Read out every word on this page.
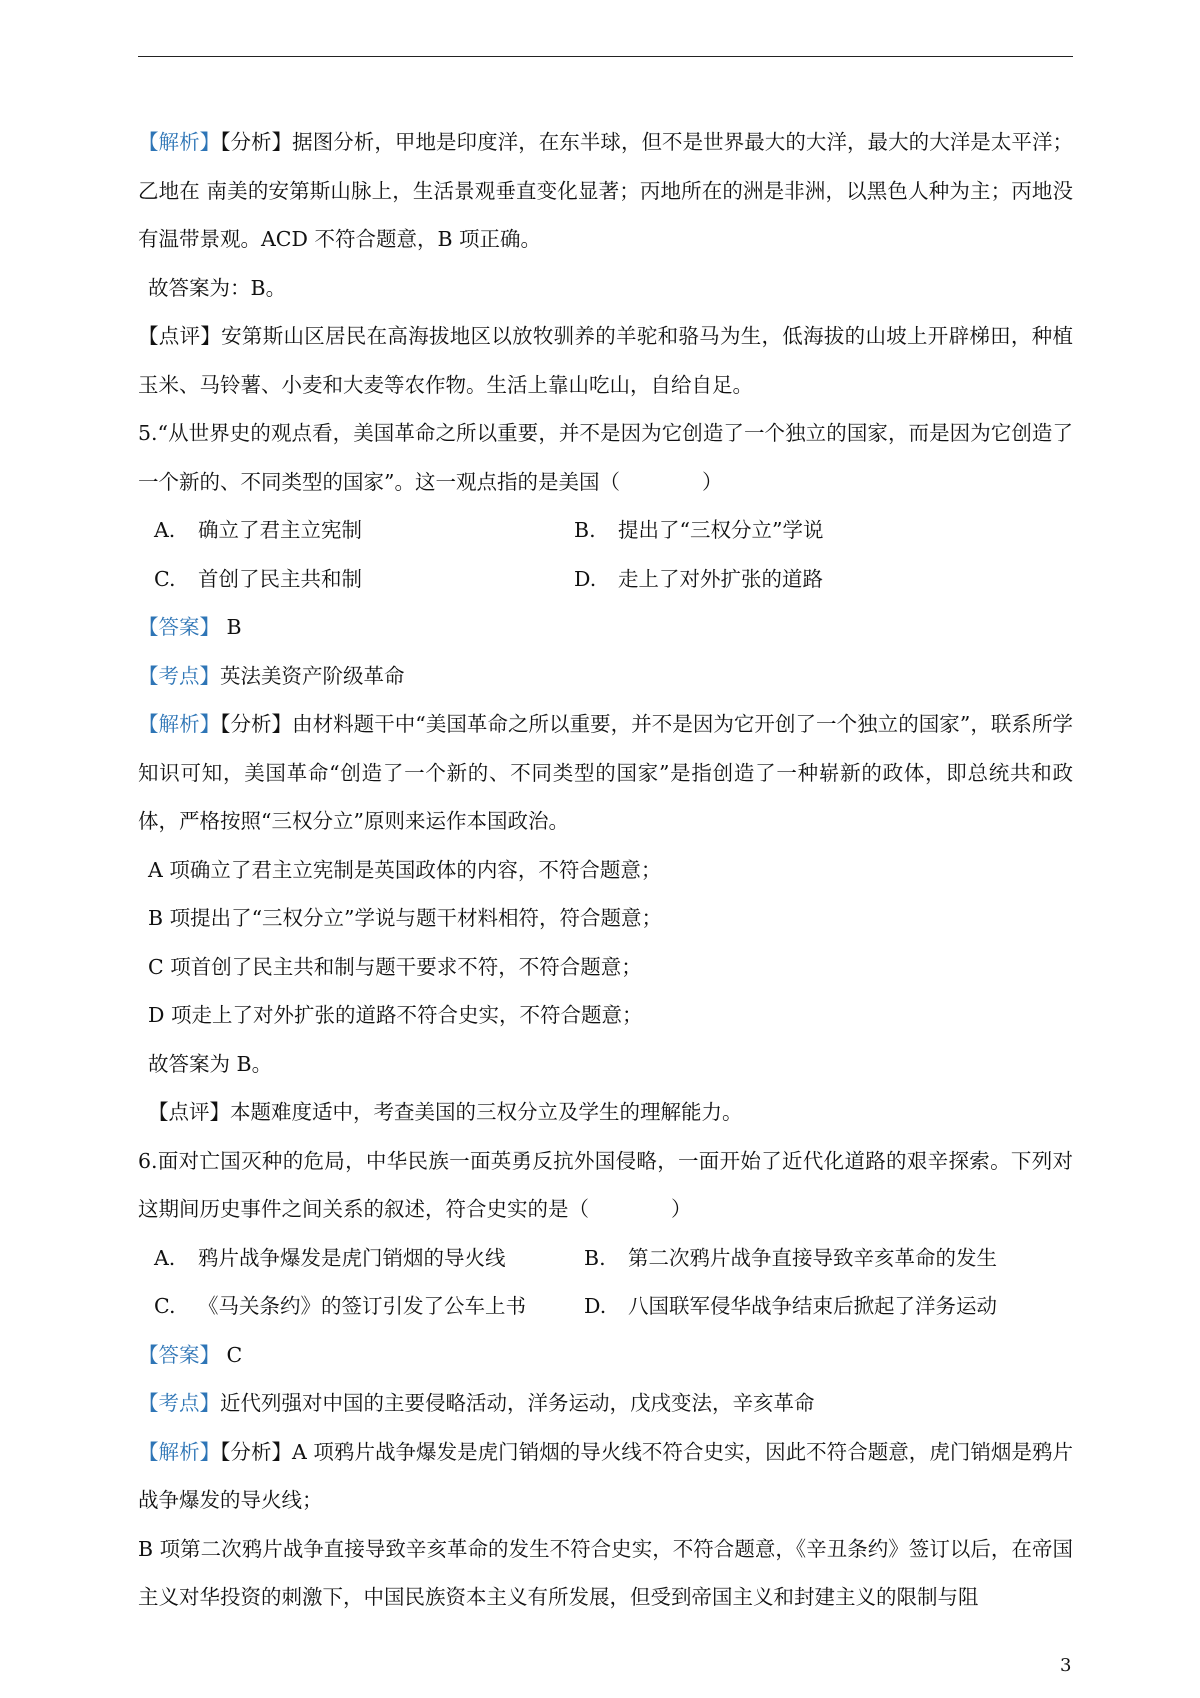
【解析】【分析】据图分析，甲地是印度洋，在东半球，但不是世界最大的大洋，最大的大洋是太平洋；乙地在 南美的安第斯山脉上，生活景观垂直变化显著；丙地所在的洲是非洲，以黑色人种为主；丙地没有温带景观。ACD 不符合题意，B 项正确。

故答案为：B。

【点评】安第斯山区居民在高海拔地区以放牧驯养的羊驼和骆马为生，低海拔的山坡上开辟梯田，种植玉米、马铃薯、小麦和大麦等农作物。生活上靠山吃山，自给自足。

5.“从世界史的观点看，美国革命之所以重要，并不是因为它创造了一个独立的国家，而是因为它创造了一个新的、不同类型的国家”。这一观点指的是美国（　　　　）

A. 确立了君主立宪制	B. 提出了“三权分立”学说
C. 首创了民主共和制	D. 走上了对外扩张的道路

【答案】 B

【考点】英法美资产阶级革命

【解析】【分析】由材料题干中“美国革命之所以重要，并不是因为它开创了一个独立的国家”，联系所学知识可知，美国革命“创造了一个新的、不同类型的国家”是指创造了一种崭新的政体，即总统共和政体，严格按照“三权分立”原则来运作本国政治。

A 项确立了君主立宪制是英国政体的内容，不符合题意；

B 项提出了“三权分立”学说与题干材料相符，符合题意；

C 项首创了民主共和制与题干要求不符，不符合题意；

D 项走上了对外扩张的道路不符合史实，不符合题意；

故答案为 B。

【点评】本题难度适中，考查美国的三权分立及学生的理解能力。

6.面对亡国灭种的危局，中华民族一面英勇反抗外国侵略，一面开始了近代化道路的艰辛探索。下列对这期间历史事件之间关系的叙述，符合史实的是（　　　　）

A. 鸦片战争爆发是虎门销烟的导火线	B. 第二次鸦片战争直接导致辛亥革命的发生
C. 《马关条约》的签订引发了公车上书	D. 八国联军侵华战争结束后掀起了洋务运动

【答案】 C

【考点】近代列强对中国的主要侵略活动，洋务运动，戊戌变法，辛亥革命

【解析】【分析】A 项鸦片战争爆发是虎门销烟的导火线不符合史实，因此不符合题意，虎门销烟是鸦片战争爆发的导火线；

B 项第二次鸦片战争直接导致辛亥革命的发生不符合史实，不符合题意，《辛丑条约》签订以后，在帝国主义对华投资的刺激下，中国民族资本主义有所发展，但受到帝国主义和封建主义的限制与阻

3
